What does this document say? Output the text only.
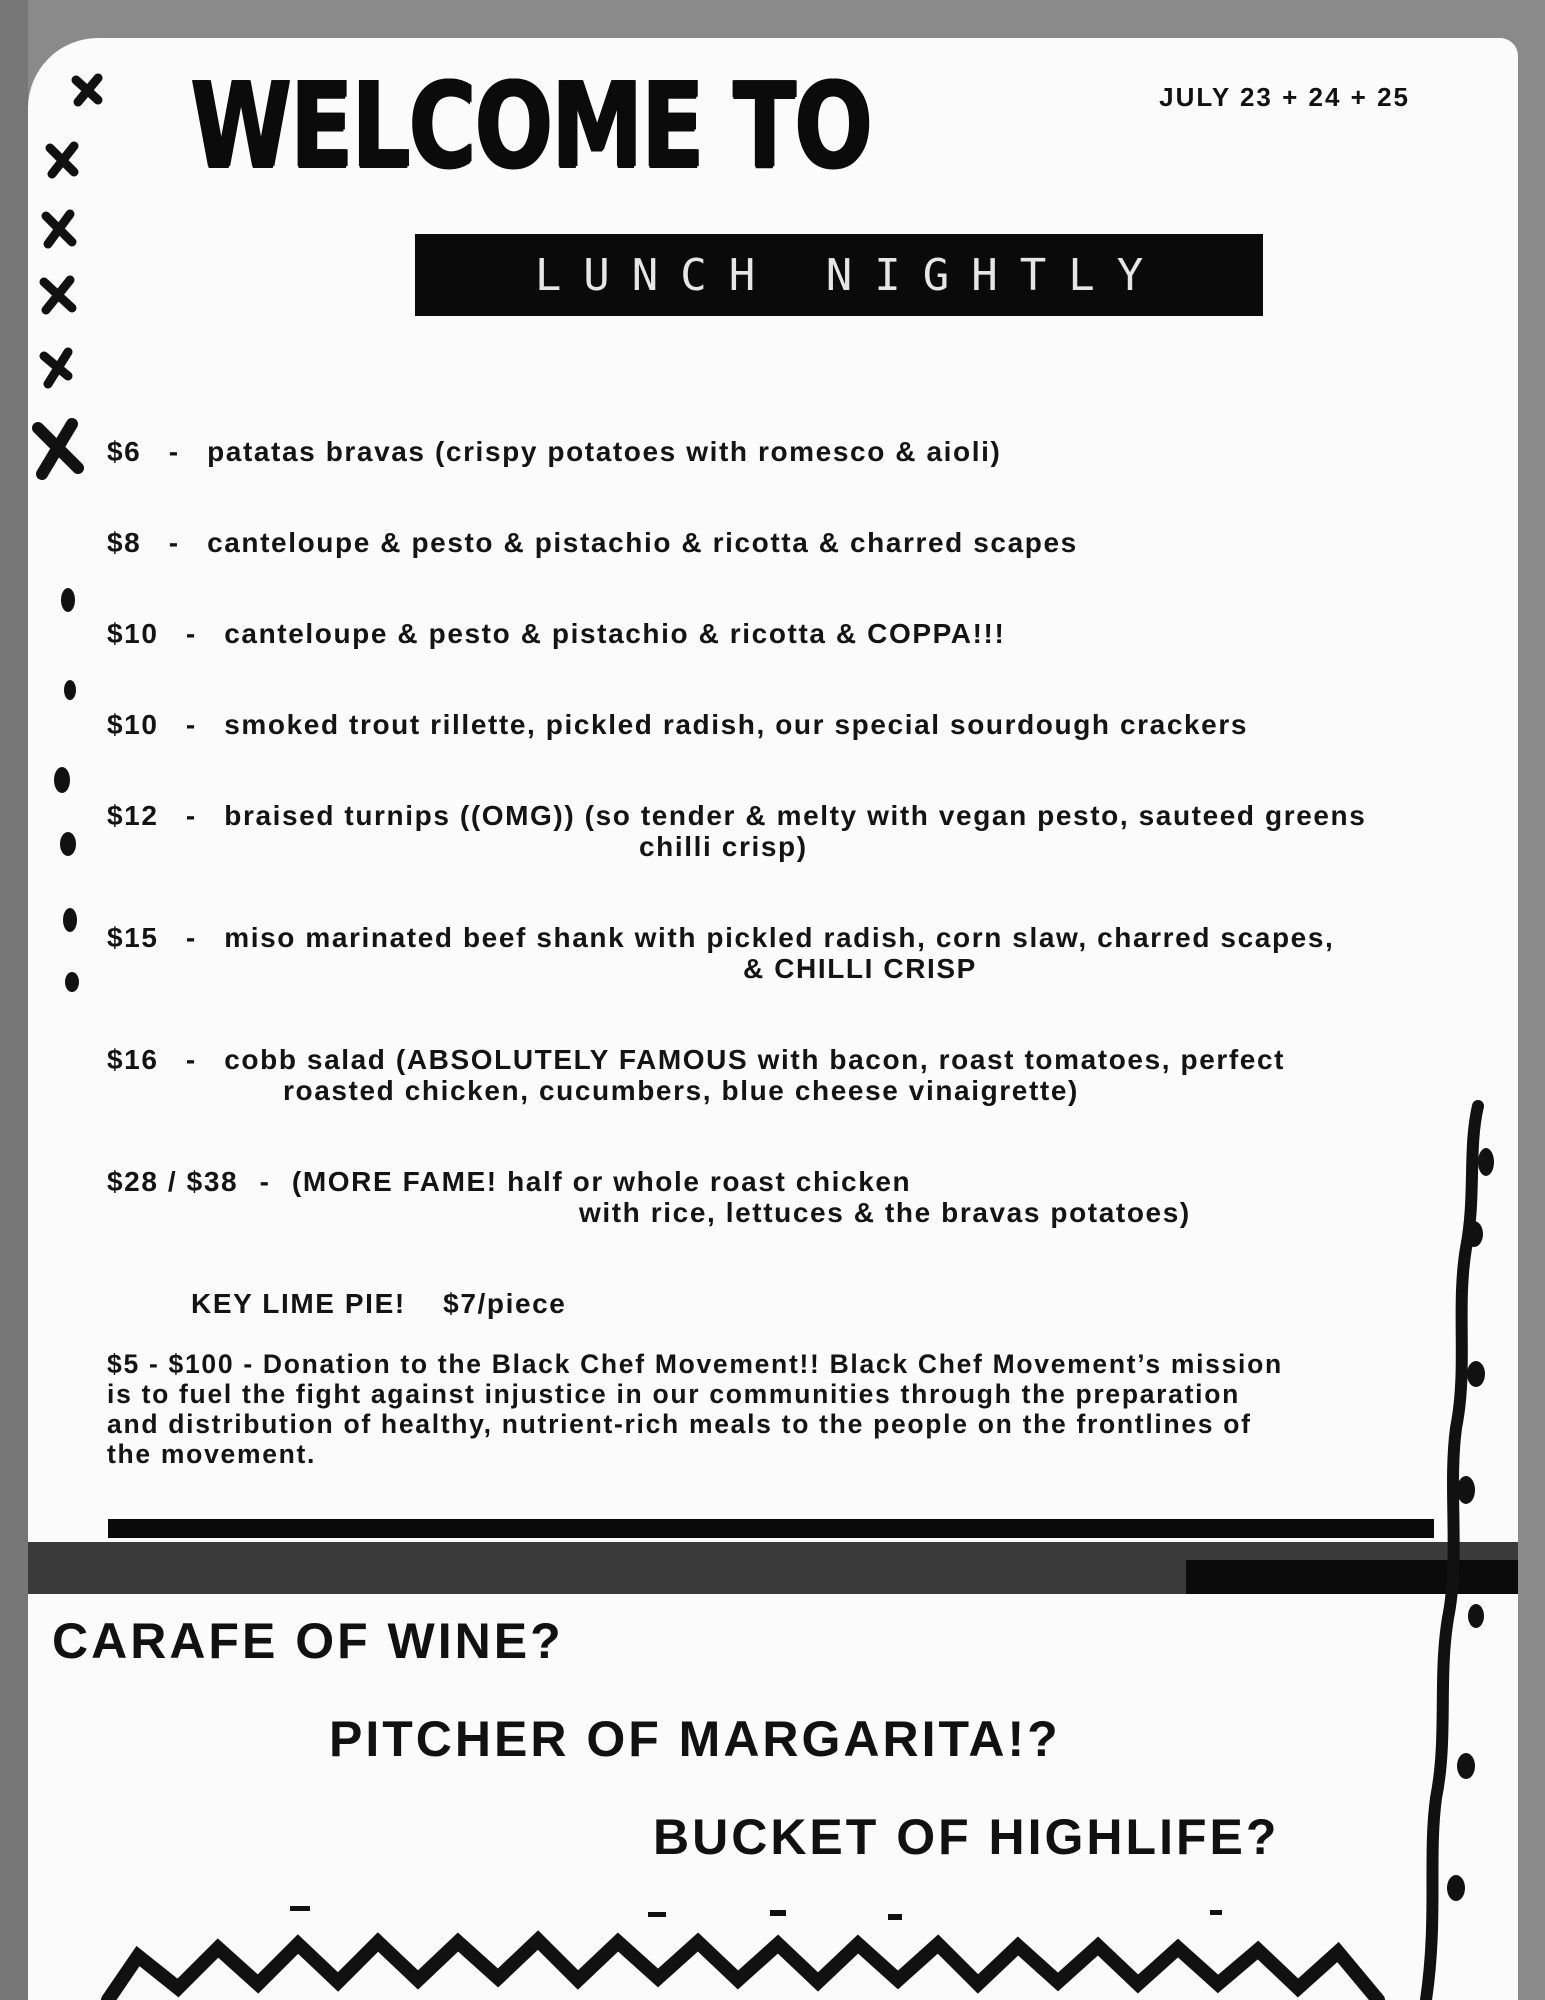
WELCOME TO	JULY 23 + 24 + 25
LUNCH NIGHTLY
$6 - patatas bravas (crispy potatoes with romesco & aioli)
$8 - canteloupe & pesto & pistachio & ricotta & charred scapes
$10 - canteloupe & pesto & pistachio & ricotta & COPPA!!!
$10 - smoked trout rillette, pickled radish, our special sourdough crackers
$12 - braised turnips ((OMG)) (so tender & melty with vegan pesto, sauteed greens
chilli crisp)
$15 - miso marinated beef shank with pickled radish, corn slaw, charred scapes,
& CHILLI CRISP
$16 - cobb salad (ABSOLUTELY FAMOUS with bacon, roast tomatoes, perfect
roasted chicken, cucumbers, blue cheese vinaigrette)
$28 / $38 - (MORE FAME! half or whole roast chicken
with rice, lettuces & the bravas potatoes)
KEY LIME PIE! $7/piece
$5 - $100 - Donation to the Black Chef Movement!! Black Chef Movement’s mission
is to fuel the fight against injustice in our communities through the preparation
and distribution of healthy, nutrient-rich meals to the people on the frontlines of
the movement.
CARAFE OF WINE?
PITCHER OF MARGARITA!?
BUCKET OF HIGHLIFE?
